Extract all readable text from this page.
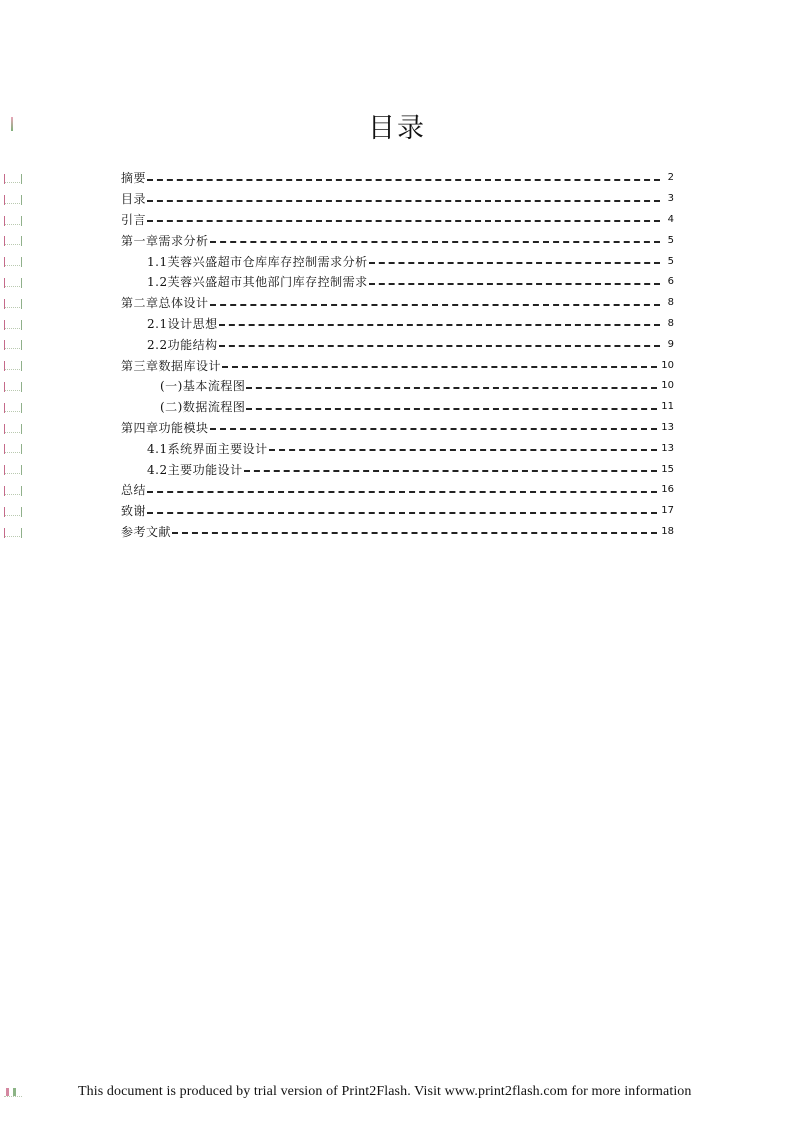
目录
摘要	2
目录	3
引言	4
第一章需求分析	5
1.1芙蓉兴盛超市仓库库存控制需求分析	5
1.2芙蓉兴盛超市其他部门库存控制需求	6
第二章总体设计	8
2.1设计思想	8
2.2功能结构	9
第三章数据库设计	10
(一)基本流程图	10
(二)数据流程图	11
第四章功能模块	13
4.1系统界面主要设计	13
4.2主要功能设计	15
总结	16
致谢	17
参考文献	18
This document is produced by trial version of Print2Flash. Visit www.print2flash.com for more information
